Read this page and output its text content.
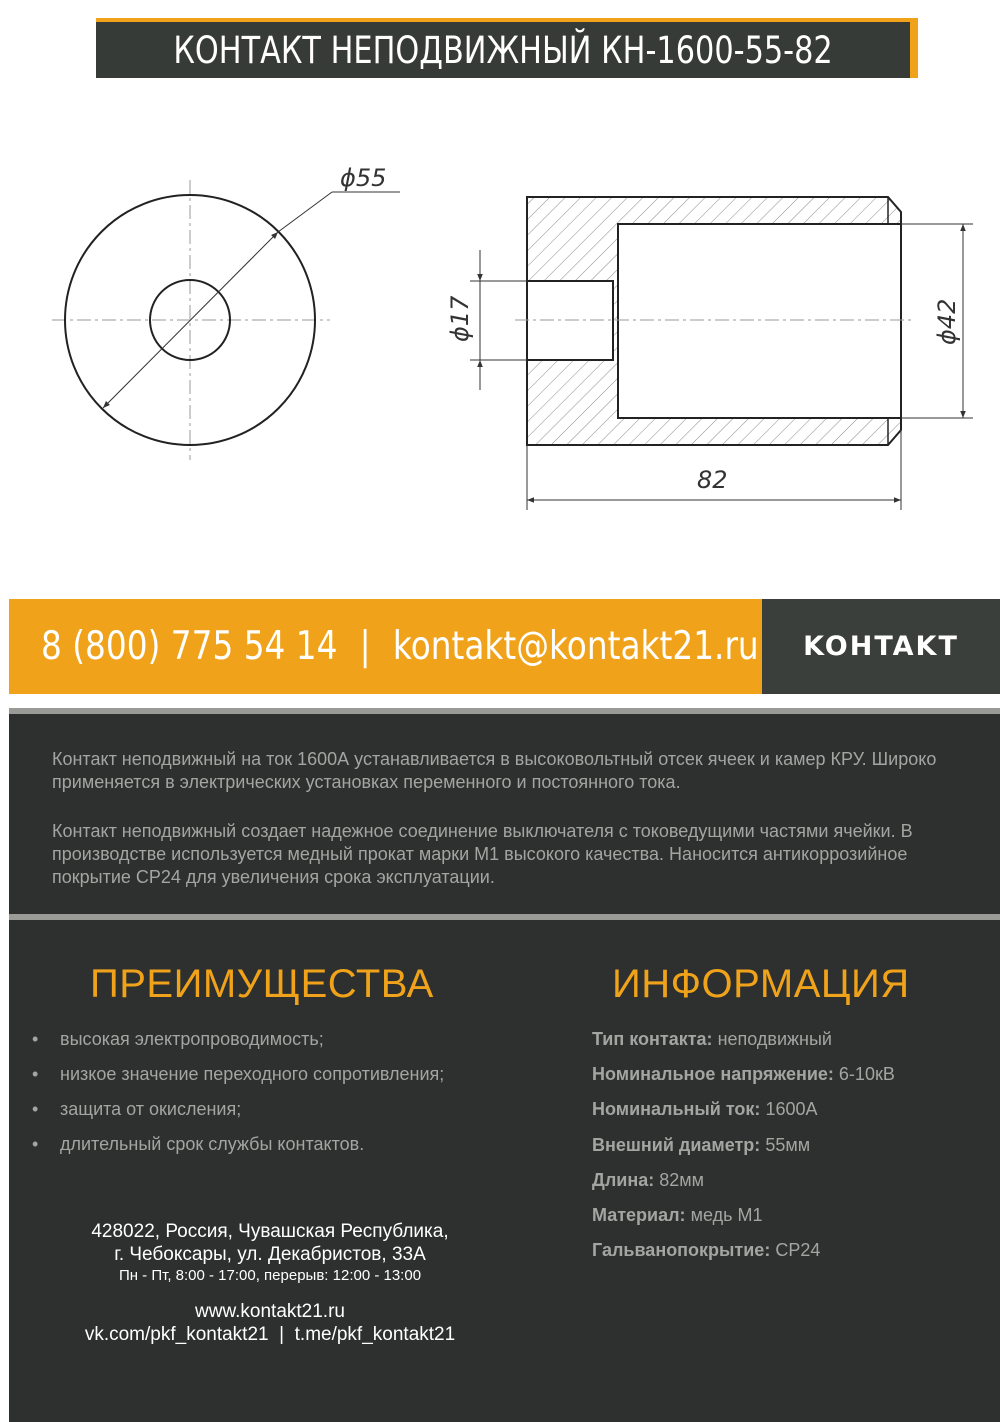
КОНТАКТ НЕПОДВИЖНЫЙ КН-1600-55-82
ϕ55
ϕ17	ϕ42
82
8 (800) 775 54 14 | kontakt@kontakt21.ru KOHTAKT
Контакт неподвижный на ток 1600А устанавливается в высоковольтный отсек ячеек и камер КРУ. Широко применяется в электрических установках переменного и постоянного тока.
Контакт неподвижный создает надежное соединение выключателя с токоведущими частями ячейки. В производстве используется медный прокат марки М1 высокого качества. Наносится антикоррозийное покрытие СР24 для увеличения срока эксплуатации.
ПРЕИМУЩЕСТВА
•	высокая электропроводимость;
•	низкое значение переходного сопротивления;
•	защита от окисления;
•	длительный срок службы контактов.
ИНФОРМАЦИЯ
Тип контакта: неподвижный
Номинальное напряжение: 6-10кВ
Номинальный ток: 1600А
Внешний диаметр: 55мм
Длина: 82мм
Материал: медь М1
Гальванопокрытие: СР24
428022, Россия, Чувашская Республика,
г. Чебоксары, ул. Декабристов, 33А
Пн - Пт, 8:00 - 17:00, перерыв: 12:00 - 13:00
www.kontakt21.ru
vk.com/pkf_kontakt21  |  t.me/pkf_kontakt21
